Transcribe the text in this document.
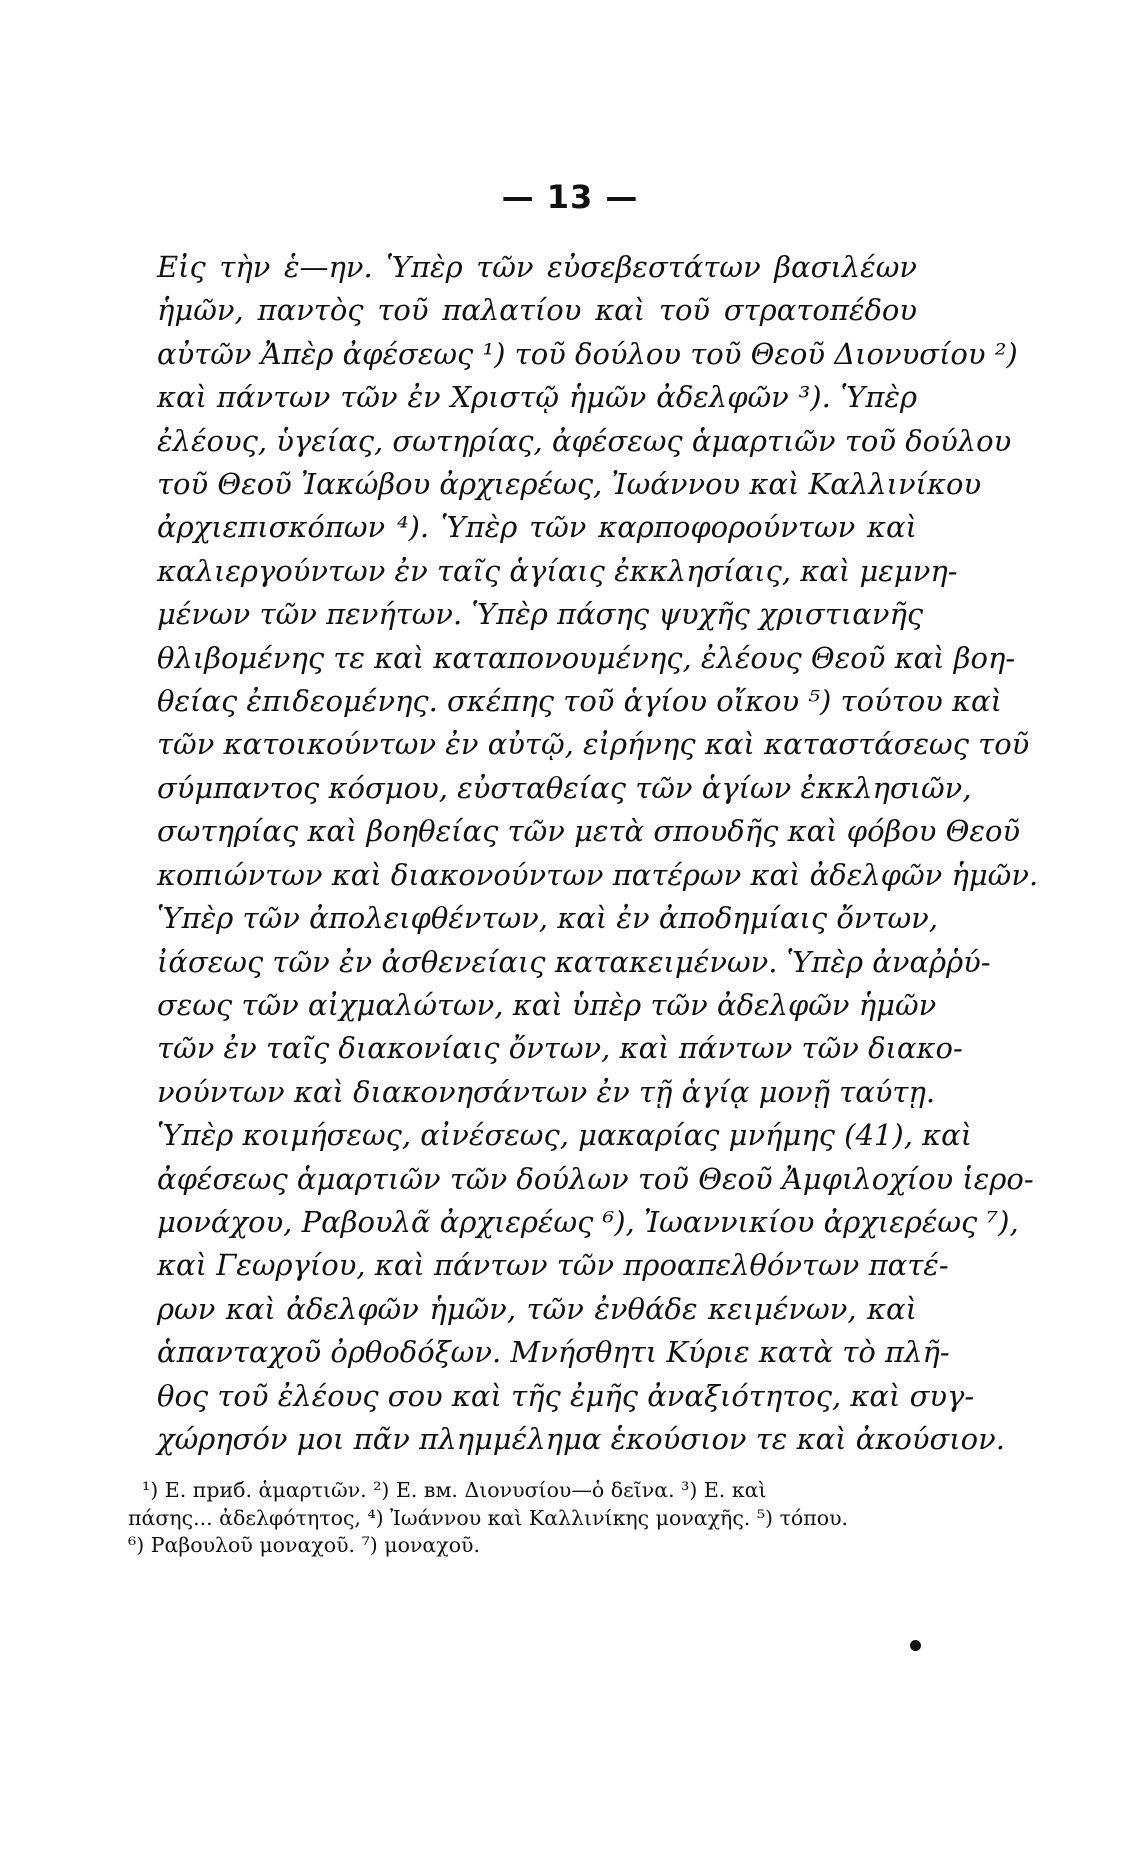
— 13 —
Εἰς τὴν ἑ—ην. Ὑπὲρ τῶν εὐσεβεστάτων βασιλέων
ἡμῶν, παντὸς τοῦ παλατίου καὶ τοῦ στρατοπέδου
αὐτῶν Ἀπὲρ ἀφέσεως ¹) τοῦ δούλου τοῦ Θεοῦ Διονυσίου ²)
καὶ πάντων τῶν ἐν Χριστῷ ἡμῶν ἀδελφῶν ³). Ὑπὲρ
ἐλέους, ὑγείας, σωτηρίας, ἀφέσεως ἁμαρτιῶν τοῦ δούλου
τοῦ Θεοῦ Ἰακώβου ἀρχιερέως, Ἰωάννου καὶ Καλλινίκου
ἀρχιεπισκόπων ⁴). Ὑπὲρ τῶν καρποφορούντων καὶ
καλιεργούντων ἐν ταῖς ἁγίαις ἐκκλησίαις, καὶ μεμνη-
μένων τῶν πενήτων. Ὑπὲρ πάσης ψυχῆς χριστιανῆς
θλιβομένης τε καὶ καταπονουμένης, ἐλέους Θεοῦ καὶ βοη-
θείας ἐπιδεομένης. σκέπης τοῦ ἁγίου οἴκου ⁵) τούτου καὶ
τῶν κατοικούντων ἐν αὐτῷ, εἰρήνης καὶ καταστάσεως τοῦ
σύμπαντος κόσμου, εὐσταθείας τῶν ἁγίων ἐκκλησιῶν,
σωτηρίας καὶ βοηθείας τῶν μετὰ σπουδῆς καὶ φόβου Θεοῦ
κοπιώντων καὶ διακονούντων πατέρων καὶ ἀδελφῶν ἡμῶν.
Ὑπὲρ τῶν ἀπολειφθέντων, καὶ ἐν ἀποδημίαις ὄντων,
ἰάσεως τῶν ἐν ἀσθενείαις κατακειμένων. Ὑπὲρ ἀναῤῥύ-
σεως τῶν αἰχμαλώτων, καὶ ὑπὲρ τῶν ἀδελφῶν ἡμῶν
τῶν ἐν ταῖς διακονίαις ὄντων, καὶ πάντων τῶν διακο-
νούντων καὶ διακονησάντων ἐν τῇ ἁγίᾳ μονῇ ταύτῃ.
Ὑπὲρ κοιμήσεως, αἰνέσεως, μακαρίας μνήμης (41), καὶ
ἀφέσεως ἁμαρτιῶν τῶν δούλων τοῦ Θεοῦ Ἀμφιλοχίου ἱερο-
μονάχου, Ραβουλᾶ ἀρχιερέως ⁶), Ἰωαννικίου ἀρχιερέως ⁷),
καὶ Γεωργίου, καὶ πάντων τῶν προαπελθόντων πατέ-
ρων καὶ ἀδελφῶν ἡμῶν, τῶν ἐνθάδε κειμένων, καὶ
ἁπανταχοῦ ὀρθοδόξων. Μνήσθητι Κύριε κατὰ τὸ πλῆ-
θος τοῦ ἐλέους σου καὶ τῆς ἐμῆς ἀναξιότητος, καὶ συγ-
χώρησόν μοι πᾶν πλημμέλημα ἑκούσιον τε καὶ ἀκούσιον.
¹) Е. приб. ἁμαρτιῶν. ²) Е. вм. Διονυσίου—ὁ δεῖνα. ³) Е. καὶ
πάσης... ἀδελφότητος, ⁴) Ἰωάννου καὶ Καλλινίκης μοναχῆς. ⁵) τόπου.
⁶) Ραβουλοῦ μοναχοῦ. ⁷) μοναχοῦ.
